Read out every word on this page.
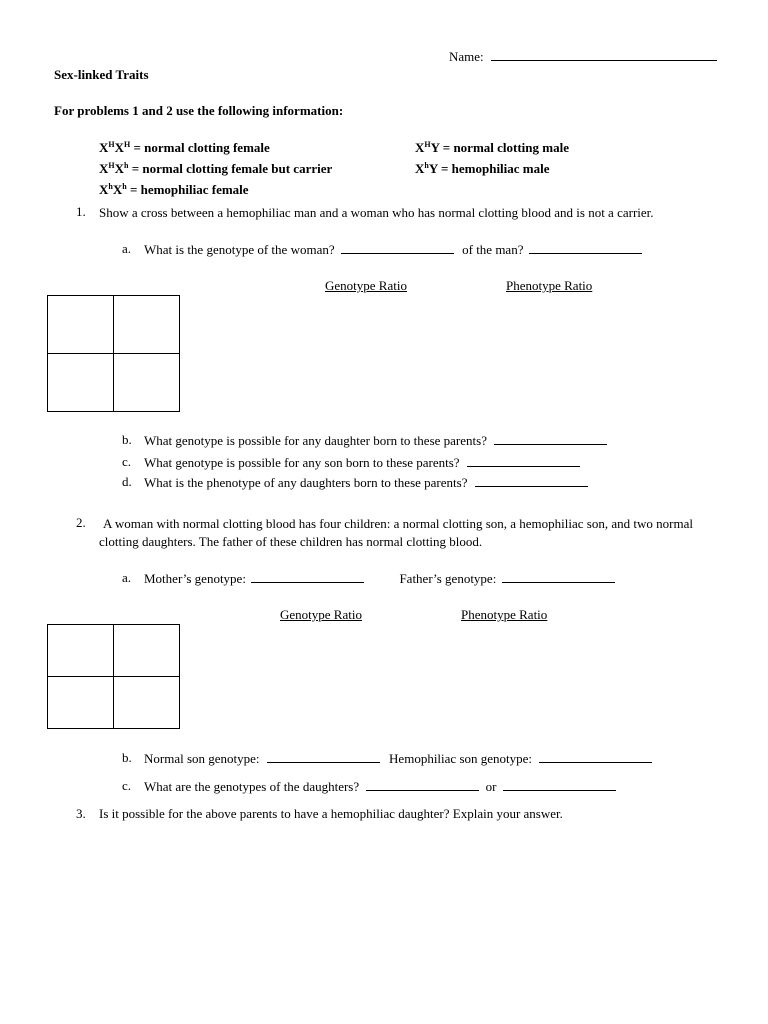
Name:
Sex-linked Traits
For problems 1 and 2 use the following information:
$X^HX^H$ = normal clotting female	$X^HY$ = normal clotting male
$X^HX^h$ = normal clotting female but carrier	$X^hY$ = hemophiliac male
$X^hX^h$ = hemophiliac female
1. Show a cross between a hemophiliac man and a woman who has normal clotting blood and is not a carrier.
a. What is the genotype of the woman?	of the man?
Genotype Ratio	Phenotype Ratio
b. What genotype is possible for any daughter born to these parents?
c. What genotype is possible for any son born to these parents?
d. What is the phenotype of any daughters born to these parents?
2.	A woman with normal clotting blood has four children: a normal clotting son, a hemophiliac son, and two normal clotting daughters. The father of these children has normal clotting blood.
a. Mother’s genotype:	Father’s genotype:
Genotype Ratio	Phenotype Ratio
b. Normal son genotype:	Hemophiliac son genotype:
c. What are the genotypes of the daughters?	or
3. Is it possible for the above parents to have a hemophiliac daughter? Explain your answer.
